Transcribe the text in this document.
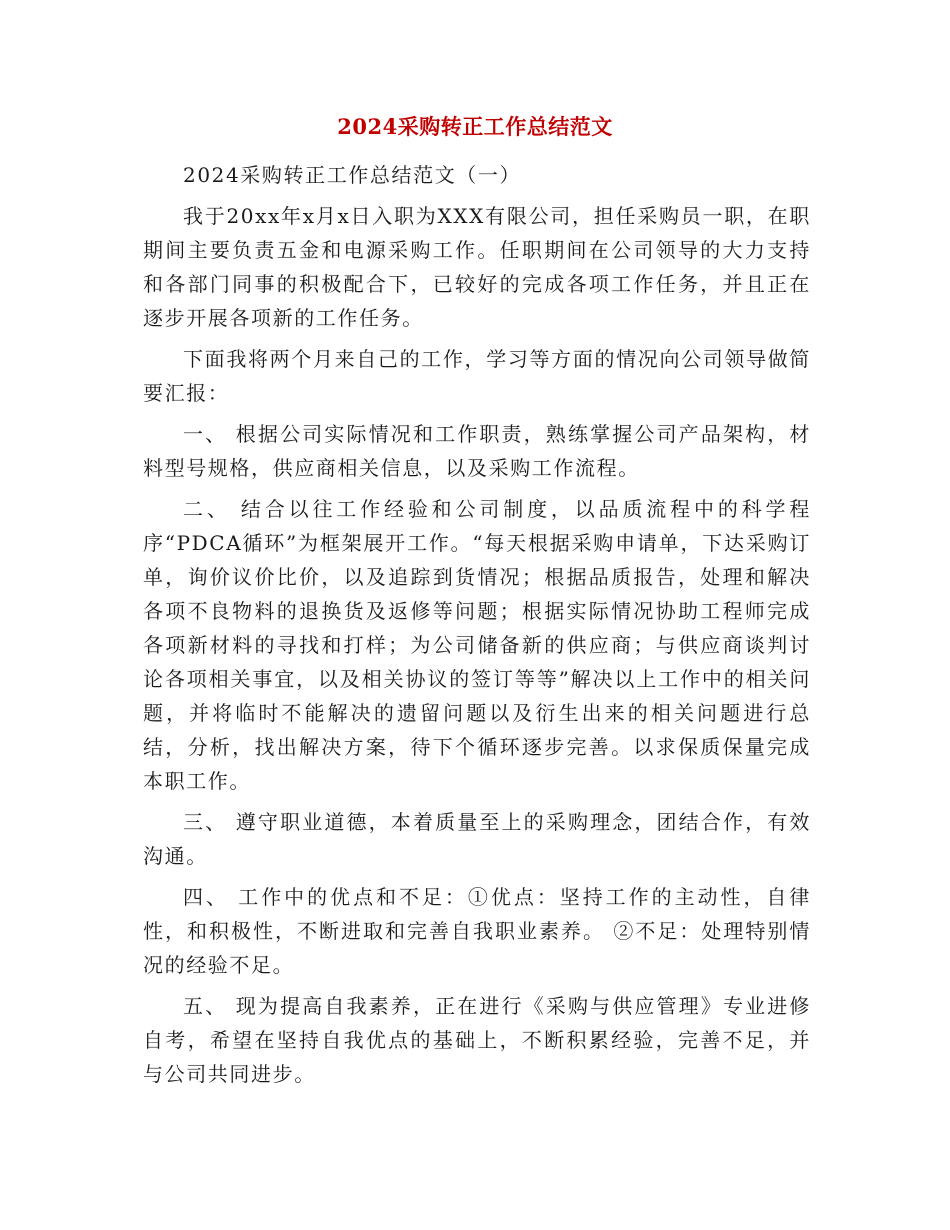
2024采购转正工作总结范文

2024采购转正工作总结范文（一）

我于20xx年x月x日入职为XXX有限公司，担任采购员一职，在职期间主要负责五金和电源采购工作。任职期间在公司领导的大力支持和各部门同事的积极配合下，已较好的完成各项工作任务，并且正在逐步开展各项新的工作任务。

下面我将两个月来自己的工作，学习等方面的情况向公司领导做简要汇报：

一、 根据公司实际情况和工作职责，熟练掌握公司产品架构，材料型号规格，供应商相关信息，以及采购工作流程。

二、 结合以往工作经验和公司制度，以品质流程中的科学程序“PDCA循环”为框架展开工作。“每天根据采购申请单，下达采购订单，询价议价比价，以及追踪到货情况；根据品质报告，处理和解决各项不良物料的退换货及返修等问题；根据实际情况协助工程师完成各项新材料的寻找和打样；为公司储备新的供应商；与供应商谈判讨论各项相关事宜，以及相关协议的签订等等”解决以上工作中的相关问题，并将临时不能解决的遗留问题以及衍生出来的相关问题进行总结，分析，找出解决方案，待下个循环逐步完善。以求保质保量完成本职工作。

三、 遵守职业道德，本着质量至上的采购理念，团结合作，有效沟通。

四、 工作中的优点和不足：①优点：坚持工作的主动性，自律性，和积极性，不断进取和完善自我职业素养。 ②不足：处理特别情况的经验不足。

五、 现为提高自我素养，正在进行《采购与供应管理》专业进修自考，希望在坚持自我优点的基础上，不断积累经验，完善不足，并与公司共同进步。
